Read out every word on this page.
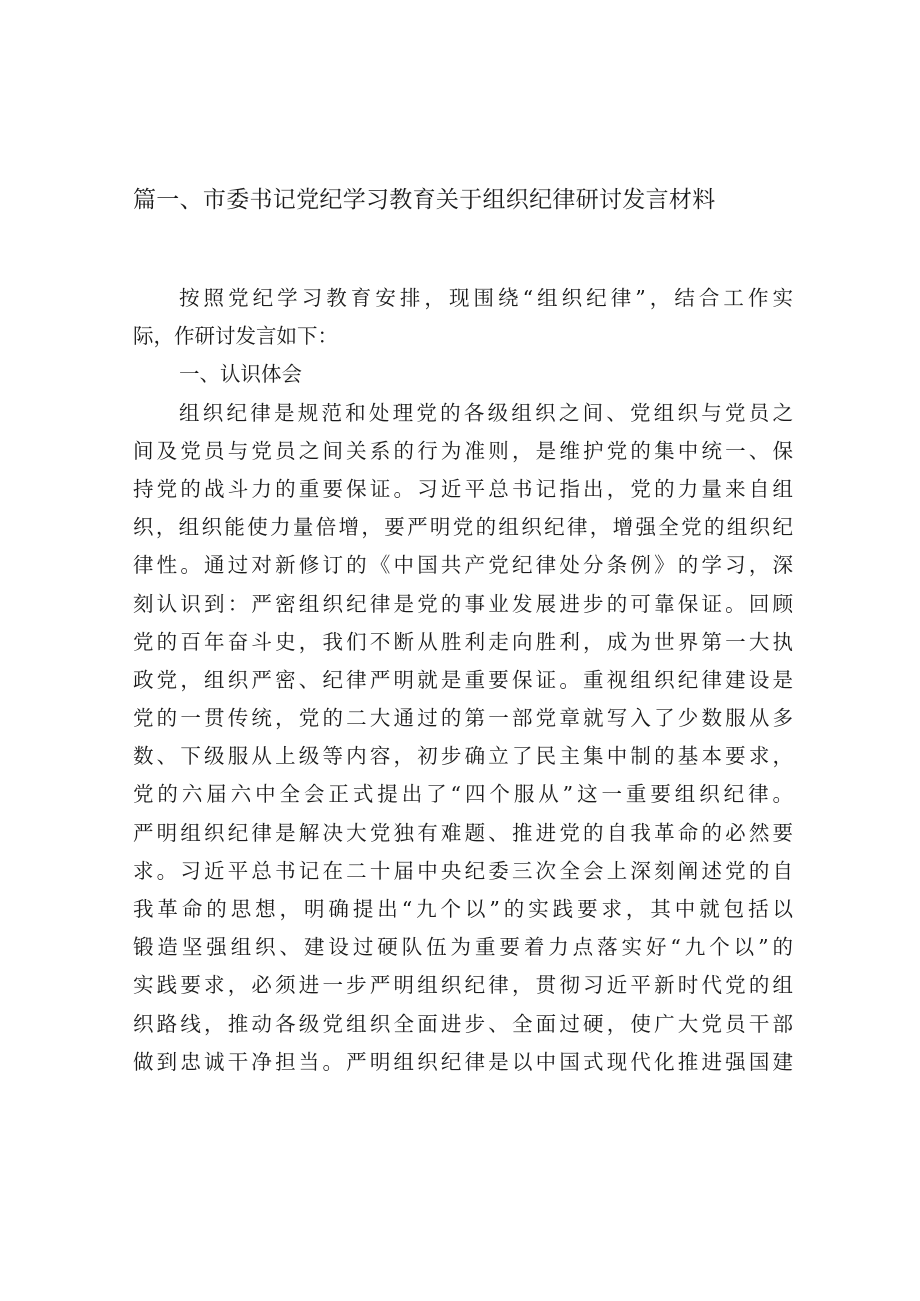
篇一、市委书记党纪学习教育关于组织纪律研讨发言材料
按照党纪学习教育安排，现围绕“组织纪律”，结合工作实
际，作研讨发言如下：
一、认识体会
组织纪律是规范和处理党的各级组织之间、党组织与党员之
间及党员与党员之间关系的行为准则，是维护党的集中统一、保
持党的战斗力的重要保证。习近平总书记指出，党的力量来自组
织，组织能使力量倍增，要严明党的组织纪律，增强全党的组织纪
律性。通过对新修订的《中国共产党纪律处分条例》的学习，深
刻认识到：严密组织纪律是党的事业发展进步的可靠保证。回顾
党的百年奋斗史，我们不断从胜利走向胜利，成为世界第一大执
政党，组织严密、纪律严明就是重要保证。重视组织纪律建设是
党的一贯传统，党的二大通过的第一部党章就写入了少数服从多
数、下级服从上级等内容，初步确立了民主集中制的基本要求，
党的六届六中全会正式提出了“四个服从”这一重要组织纪律。
严明组织纪律是解决大党独有难题、推进党的自我革命的必然要
求。习近平总书记在二十届中央纪委三次全会上深刻阐述党的自
我革命的思想，明确提出“九个以”的实践要求，其中就包括以
锻造坚强组织、建设过硬队伍为重要着力点落实好“九个以”的
实践要求，必须进一步严明组织纪律，贯彻习近平新时代党的组
织路线，推动各级党组织全面进步、全面过硬，使广大党员干部
做到忠诚干净担当。严明组织纪律是以中国式现代化推进强国建
